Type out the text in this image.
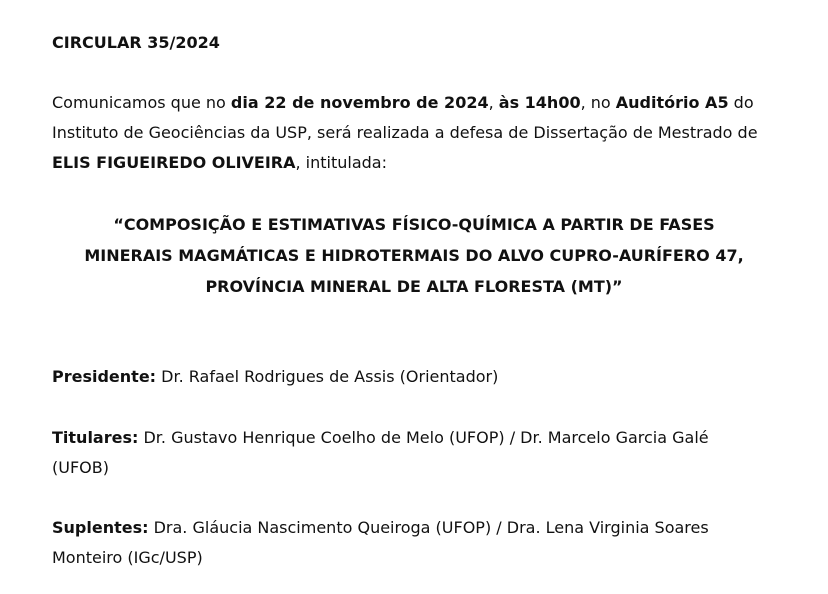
CIRCULAR 35/2024
Comunicamos que no dia 22 de novembro de 2024, às 14h00, no Auditório A5 do
Instituto de Geociências da USP, será realizada a defesa de Dissertação de Mestrado de
ELIS FIGUEIREDO OLIVEIRA, intitulada:
“COMPOSIÇÃO E ESTIMATIVAS FÍSICO-QUÍMICA A PARTIR DE FASES
MINERAIS MAGMÁTICAS E HIDROTERMAIS DO ALVO CUPRO-AURÍFERO 47,
PROVÍNCIA MINERAL DE ALTA FLORESTA (MT)”
Presidente: Dr. Rafael Rodrigues de Assis (Orientador)
Titulares: Dr. Gustavo Henrique Coelho de Melo (UFOP) / Dr. Marcelo Garcia Galé
(UFOB)
Suplentes: Dra. Gláucia Nascimento Queiroga (UFOP) / Dra. Lena Virginia Soares
Monteiro (IGc/USP)
